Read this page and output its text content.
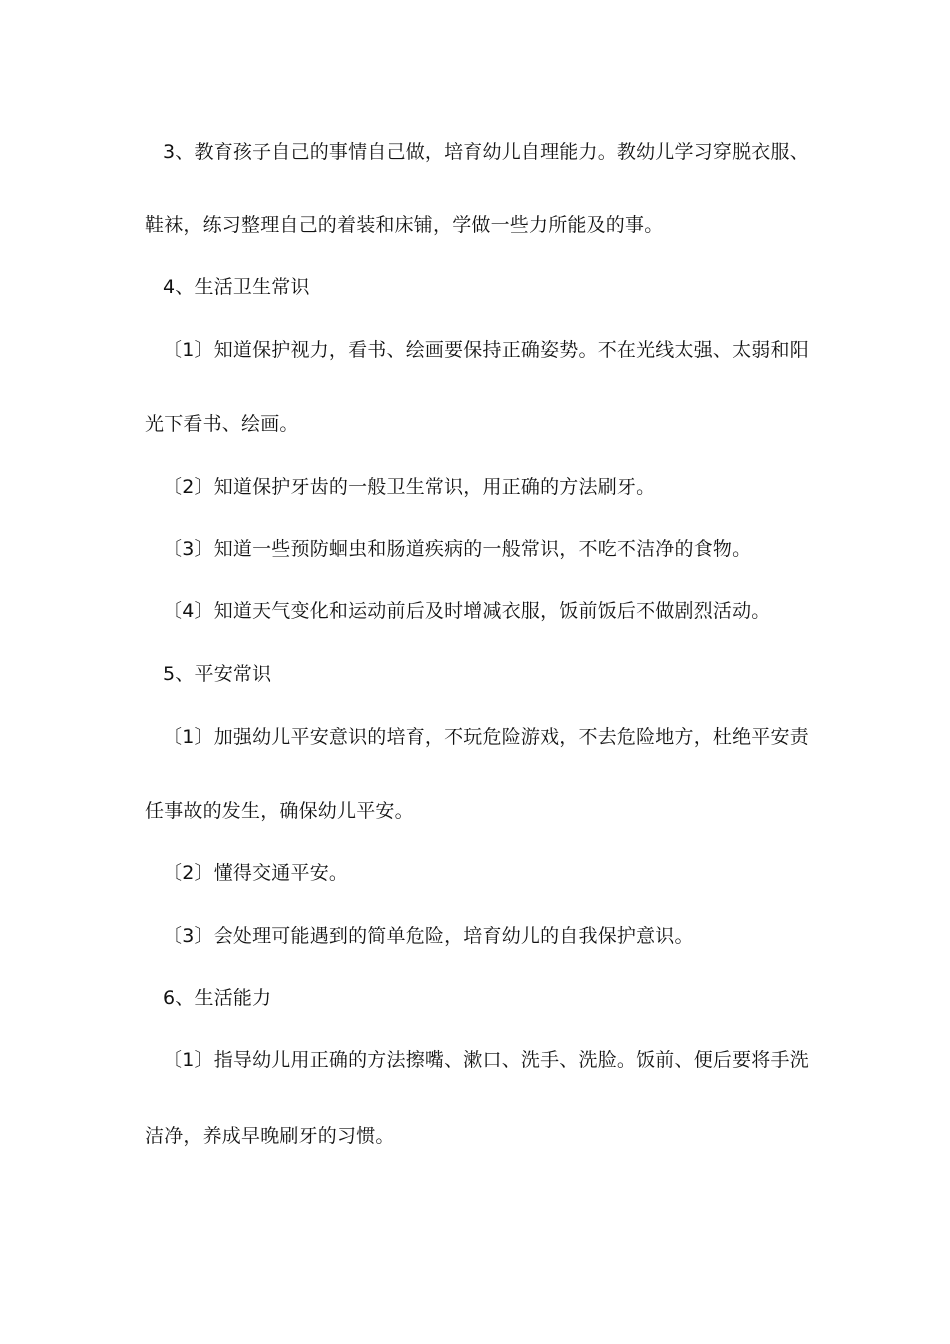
3、教育孩子自己的事情自己做，培育幼儿自理能力。教幼儿学习穿脱衣服、
鞋袜，练习整理自己的着装和床铺，学做一些力所能及的事。
4、生活卫生常识
〔1〕知道保护视力，看书、绘画要保持正确姿势。不在光线太强、太弱和阳
光下看书、绘画。
〔2〕知道保护牙齿的一般卫生常识，用正确的方法刷牙。
〔3〕知道一些预防蛔虫和肠道疾病的一般常识，不吃不洁净的食物。
〔4〕知道天气变化和运动前后及时增减衣服，饭前饭后不做剧烈活动。
5、平安常识
〔1〕加强幼儿平安意识的培育，不玩危险游戏，不去危险地方，杜绝平安责
任事故的发生，确保幼儿平安。
〔2〕懂得交通平安。
〔3〕会处理可能遇到的简单危险，培育幼儿的自我保护意识。
6、生活能力
〔1〕指导幼儿用正确的方法擦嘴、漱口、洗手、洗脸。饭前、便后要将手洗
洁净，养成早晚刷牙的习惯。
